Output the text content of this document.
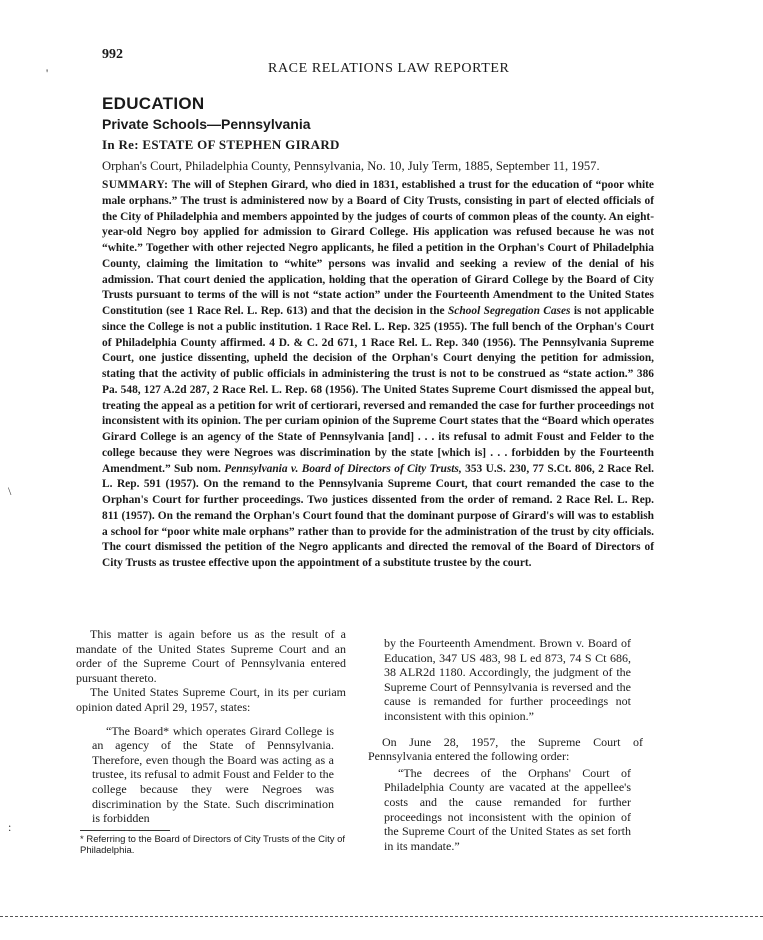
992
RACE RELATIONS LAW REPORTER
EDUCATION
Private Schools—Pennsylvania
In Re: ESTATE OF STEPHEN GIRARD
Orphan's Court, Philadelphia County, Pennsylvania, No. 10, July Term, 1885, September 11, 1957.

SUMMARY: The will of Stephen Girard, who died in 1831, established a trust for the education of “poor white male orphans.” The trust is administered now by a Board of City Trusts, consisting in part of elected officials of the City of Philadelphia and members appointed by the judges of courts of common pleas of the county. An eight-year-old Negro boy applied for admission to Girard College. His application was refused because he was not “white.” Together with other rejected Negro applicants, he filed a petition in the Orphan's Court of Philadelphia County, claiming the limitation to “white” persons was invalid and seeking a review of the denial of his admission. That court denied the application, holding that the operation of Girard College by the Board of City Trusts pursuant to terms of the will is not “state action” under the Fourteenth Amendment to the United States Constitution (see 1 Race Rel. L. Rep. 613) and that the decision in the School Segregation Cases is not applicable since the College is not a public institution. 1 Race Rel. L. Rep. 325 (1955). The full bench of the Orphan's Court of Philadelphia County affirmed. 4 D. & C. 2d 671, 1 Race Rel. L. Rep. 340 (1956). The Pennsylvania Supreme Court, one justice dissenting, upheld the decision of the Orphan's Court denying the petition for admission, stating that the activity of public officials in administering the trust is not to be construed as “state action.” 386 Pa. 548, 127 A.2d 287, 2 Race Rel. L. Rep. 68 (1956). The United States Supreme Court dismissed the appeal but, treating the appeal as a petition for writ of certiorari, reversed and remanded the case for further proceedings not inconsistent with its opinion. The per curiam opinion of the Supreme Court states that the “Board which operates Girard College is an agency of the State of Pennsylvania [and] . . . its refusal to admit Foust and Felder to the college because they were Negroes was discrimination by the state [which is] . . . forbidden by the Fourteenth Amendment.” Sub nom. Pennsylvania v. Board of Directors of City Trusts, 353 U.S. 230, 77 S.Ct. 806, 2 Race Rel. L. Rep. 591 (1957). On the remand to the Pennsylvania Supreme Court, that court remanded the case to the Orphan's Court for further proceedings. Two justices dissented from the order of remand. 2 Race Rel. L. Rep. 811 (1957). On the remand the Orphan's Court found that the dominant purpose of Girard's will was to establish a school for “poor white male orphans” rather than to provide for the administration of the trust by city officials. The court dismissed the petition of the Negro applicants and directed the removal of the Board of Directors of City Trusts as trustee effective upon the appointment of a substitute trustee by the court.

This matter is again before us as the result of a mandate of the United States Supreme Court and an order of the Supreme Court of Pennsylvania entered pursuant thereto.

The United States Supreme Court, in its per curiam opinion dated April 29, 1957, states:

“The Board* which operates Girard College is an agency of the State of Pennsylvania. Therefore, even though the Board was acting as a trustee, its refusal to admit Foust and Felder to the college because they were Negroes was discrimination by the State. Such discrimination is forbidden

* Referring to the Board of Directors of City Trusts of the City of Philadelphia.

by the Fourteenth Amendment. Brown v. Board of Education, 347 US 483, 98 L ed 873, 74 S Ct 686, 38 ALR2d 1180. Accordingly, the judgment of the Supreme Court of Pennsylvania is reversed and the cause is remanded for further proceedings not inconsistent with this opinion.”

On June 28, 1957, the Supreme Court of Pennsylvania entered the following order:

“The decrees of the Orphans' Court of Philadelphia County are vacated at the appellee's costs and the cause remanded for further proceedings not inconsistent with the opinion of the Supreme Court of the United States as set forth in its mandate.”

'
\
:
